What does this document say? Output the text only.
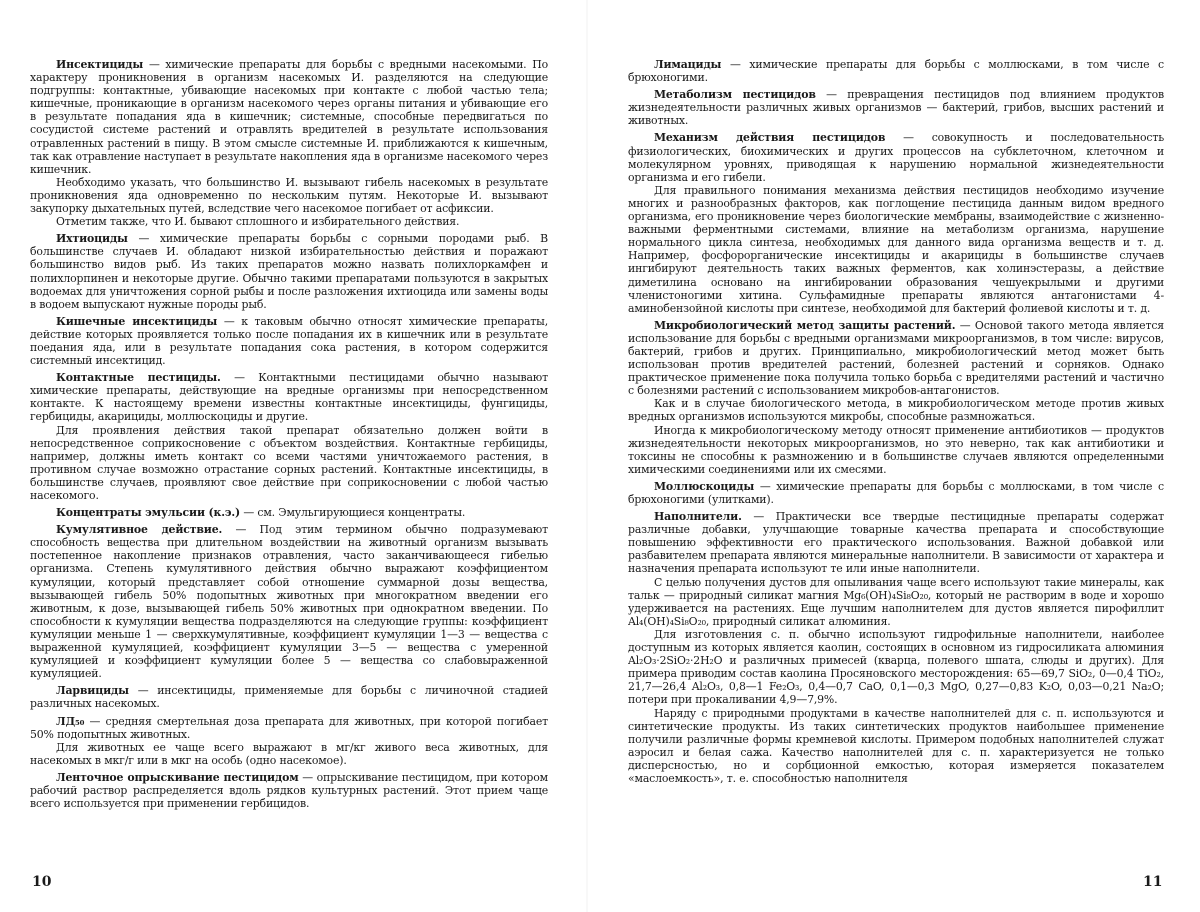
Инсектициды — химические препараты для борьбы с вредными насекомыми. По характеру проникновения в организм насекомых И. разделяются на следующие подгруппы: контактные, убивающие насекомых при контакте с любой частью тела; кишечные, проникающие в организм насекомого через органы питания и убивающие его в результате попадания яда в кишечник; системные, способные передвигаться по сосудистой системе растений и отравлять вредителей в результате использования отравленных растений в пищу. В этом смысле системные И. приближаются к кишечным, так как отравление наступает в результате накопления яда в организме насекомого через кишечник.

Необходимо указать, что большинство И. вызывают гибель насекомых в результате проникновения яда одновременно по нескольким путям. Некоторые И. вызывают закупорку дыхательных путей, вследствие чего насекомое погибает от асфиксии.

Отметим также, что И. бывают сплошного и избирательного действия.

Ихтиоциды — химические препараты борьбы с сорными породами рыб. В большинстве случаев И. обладают низкой избирательностью действия и поражают большинство видов рыб. Из таких препаратов можно назвать полихлоркамфен и полихлорпинен и некоторые другие. Обычно такими препаратами пользуются в закрытых водоемах для уничтожения сорной рыбы и после разложения ихтиоцида или замены воды в водоем выпускают нужные породы рыб.

Кишечные инсектициды — к таковым обычно относят химические препараты, действие которых проявляется только после попадания их в кишечник или в результате поедания яда, или в результате попадания сока растения, в котором содержится системный инсектицид.

Контактные пестициды. — Контактными пестицидами обычно называют химические препараты, действующие на вредные организмы при непосредственном контакте. К настоящему времени известны контактные инсектициды, фунгициды, гербициды, акарициды, моллюскоциды и другие.

Для проявления действия такой препарат обязательно должен войти в непосредственное соприкосновение с объектом воздействия. Контактные гербициды, например, должны иметь контакт со всеми частями уничтожаемого растения, в противном случае возможно отрастание сорных растений. Контактные инсектициды, в большинстве случаев, проявляют свое действие при соприкосновении с любой частью насекомого.

Концентраты эмульсии (к.э.) — см. Эмульгирующиеся концентраты.

Кумулятивное действие. — Под этим термином обычно подразумевают способность вещества при длительном воздействии на животный организм вызывать постепенное накопление признаков отравления, часто заканчивающееся гибелью организма. Степень кумулятивного действия обычно выражают коэффициентом кумуляции, который представляет собой отношение суммарной дозы вещества, вызывающей гибель 50% подопытных животных при многократном введении его животным, к дозе, вызывающей гибель 50% животных при однократном введении. По способности к кумуляции вещества подразделяются на следующие группы: коэффициент кумуляции меньше 1 — сверхкумулятивные, коэффициент кумуляции 1—3 — вещества с выраженной кумуляцией, коэффициент кумуляции 3—5 — вещества с умеренной кумуляцией и коэффициент кумуляции более 5 — вещества со слабовыраженной кумуляцией.

Ларвициды — инсектициды, применяемые для борьбы с личиночной стадией различных насекомых.

ЛД₅₀ — средняя смертельная доза препарата для животных, при которой погибает 50% подопытных животных.

Для животных ее чаще всего выражают в мг/кг живого веса животных, для насекомых в мкг/г или в мкг на особь (одно насекомое).

Ленточное опрыскивание пестицидом — опрыскивание пестицидом, при котором рабочий раствор распределяется вдоль рядков культурных растений. Этот прием чаще всего используется при применении гербицидов.

Лимациды — химические препараты для борьбы с моллюсками, в том числе с брюхоногими.

Метаболизм пестицидов — превращения пестицидов под влиянием продуктов жизнедеятельности различных живых организмов — бактерий, грибов, высших растений и животных.

Механизм действия пестицидов — совокупность и последовательность физиологических, биохимических и других процессов на субклеточном, клеточном и молекулярном уровнях, приводящая к нарушению нормальной жизнедеятельности организма и его гибели.

Для правильного понимания механизма действия пестицидов необходимо изучение многих и разнообразных факторов, как поглощение пестицида данным видом вредного организма, его проникновение через биологические мембраны, взаимодействие с жизненно-важными ферментными системами, влияние на метаболизм организма, нарушение нормального цикла синтеза, необходимых для данного вида организма веществ и т. д. Например, фосфорорганические инсектициды и акарициды в большинстве случаев ингибируют деятельность таких важных ферментов, как холинэстеразы, а действие диметилина основано на ингибировании образования чешуекрылыми и другими членистоногими хитина. Сульфамидные препараты являются антагонистами 4-аминобензойной кислоты при синтезе, необходимой для бактерий фолиевой кислоты и т. д.

Микробиологический метод защиты растений. — Основой такого метода является использование для борьбы с вредными организмами микроорганизмов, в том числе: вирусов, бактерий, грибов и других. Принципиально, микробиологический метод может быть использован против вредителей растений, болезней растений и сорняков. Однако практическое применение пока получила только борьба с вредителями растений и частично с болезнями растений с использованием микробов-антагонистов.

Как и в случае биологического метода, в микробиологическом методе против живых вредных организмов используются микробы, способные размножаться.

Иногда к микробиологическому методу относят применение антибиотиков — продуктов жизнедеятельности некоторых микроорганизмов, но это неверно, так как антибиотики и токсины не способны к размножению и в большинстве случаев являются определенными химическими соединениями или их смесями.

Моллюскоциды — химические препараты для борьбы с моллюсками, в том числе с брюхоногими (улитками).

Наполнители. — Практически все твердые пестицидные препараты содержат различные добавки, улучшающие товарные качества препарата и способствующие повышению эффективности его практического использования. Важной добавкой или разбавителем препарата являются минеральные наполнители. В зависимости от характера и назначения препарата используют те или иные наполнители.

С целью получения дустов для опыливания чаще всего используют такие минералы, как тальк — природный силикат магния Mg₆(OH)₄Si₈O₂₀, который не растворим в воде и хорошо удерживается на растениях. Еще лучшим наполнителем для дустов является пирофиллит Al₄(OH)₄Si₈O₂₀, природный силикат алюминия.

Для изготовления с. п. обычно используют гидрофильные наполнители, наиболее доступным из которых является каолин, состоящих в основном из гидросиликата алюминия Al₂O₃·2SiO₂·2H₂O и различных примесей (кварца, полевого шпата, слюды и других). Для примера приводим состав каолина Просяновского месторождения: 65—69,7 SiO₂, 0—0,4 TiO₂, 21,7—26,4 Al₂O₃, 0,8—1 Fe₂O₃, 0,4—0,7 CaO, 0,1—0,3 MgO, 0,27—0,83 K₂O, 0,03—0,21 Na₂O; потери при прокаливании 4,9—7,9%.

Наряду с природными продуктами в качестве наполнителей для с. п. используются и синтетические продукты. Из таких синтетических продуктов наибольшее применение получили различные формы кремневой кислоты. Примером подобных наполнителей служат аэросил и белая сажа. Качество наполнителей для с. п. характеризуется не только дисперсностью, но и сорбционной емкостью, которая измеряется показателем «маслоемкость», т. е. способностью наполнителя

10	11
